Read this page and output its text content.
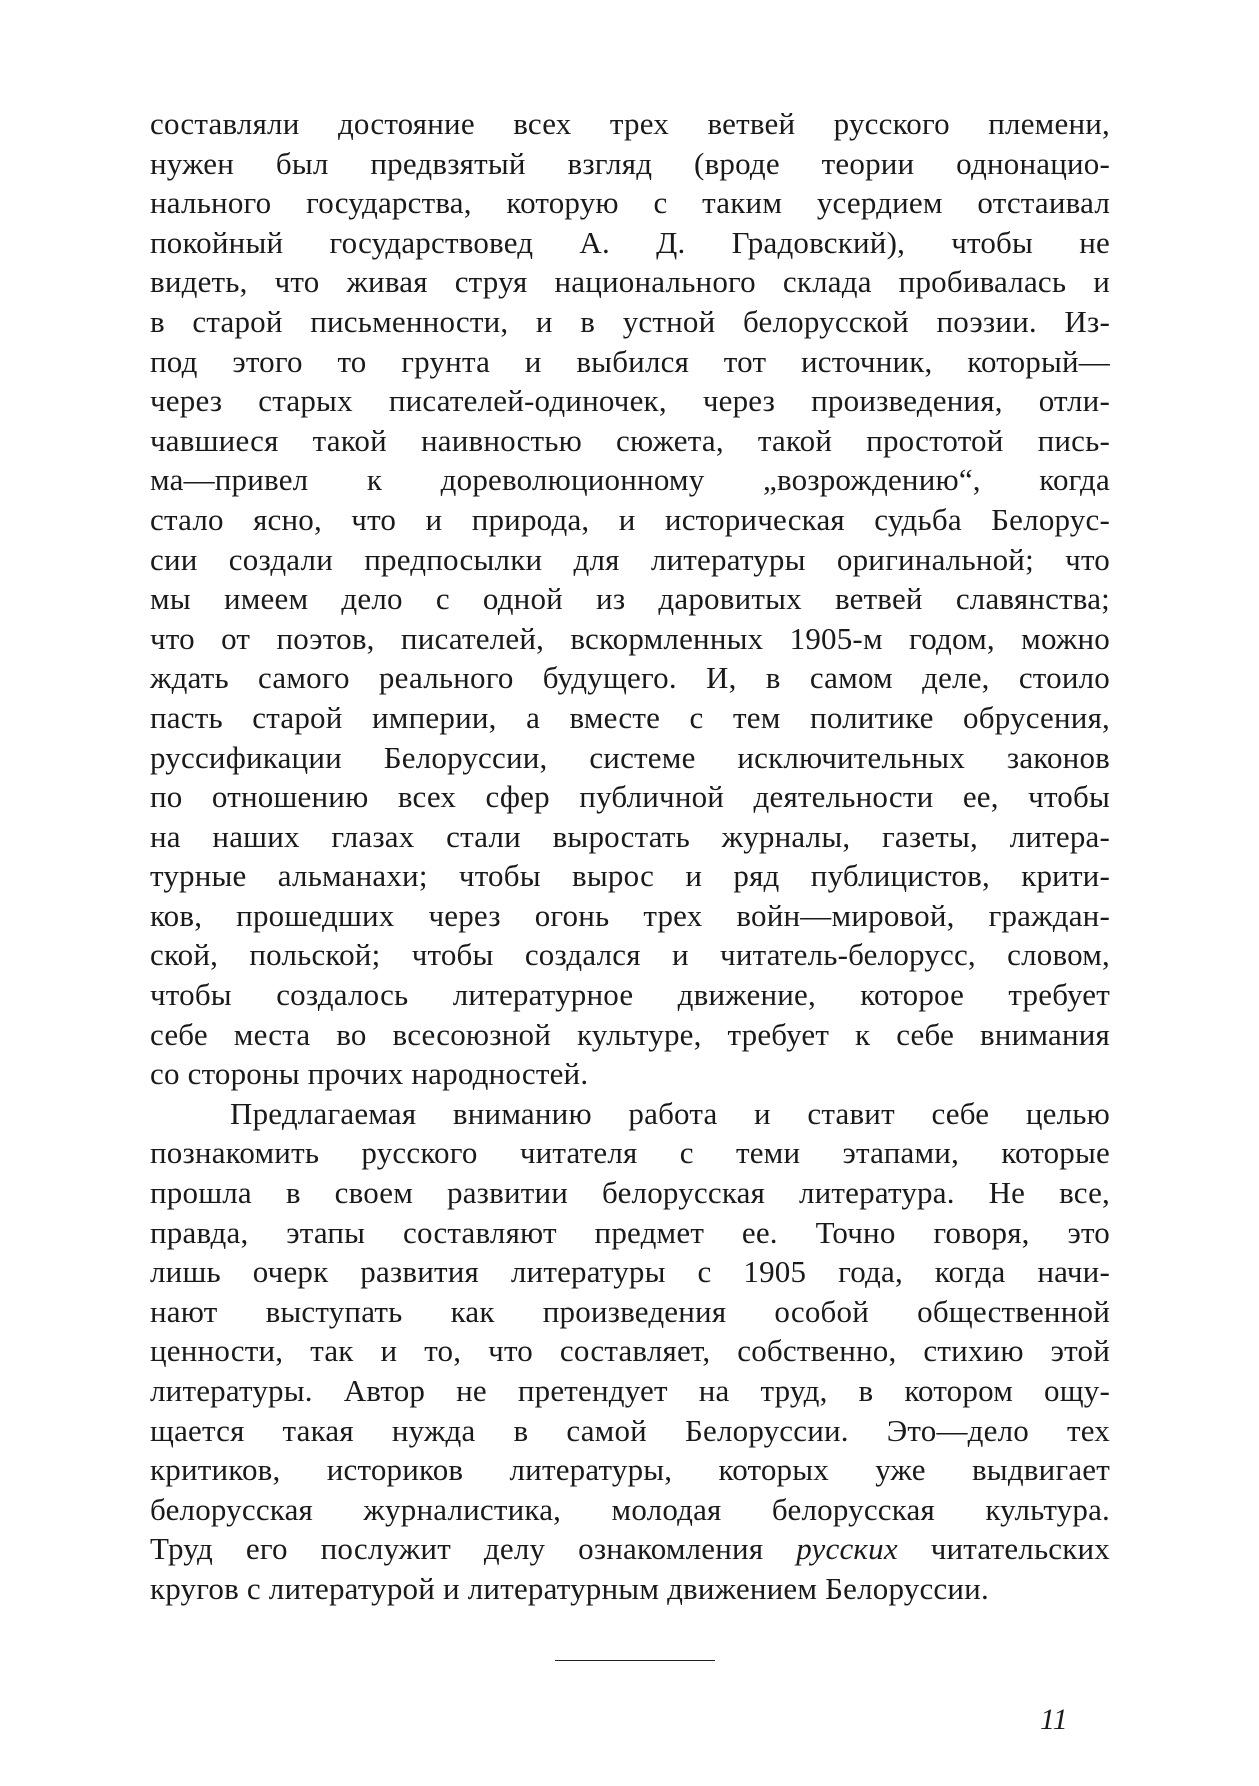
составляли достояние всех трех ветвей русского племени,
нужен был предвзятый взгляд (вроде теории однонацио-
нального государства, которую с таким усердием отстаивал
покойный государствовед А. Д. Градовский), чтобы не
видеть, что живая струя национального склада пробивалась и
в старой письменности, и в устной белорусской поэзии. Из-
под этого то грунта и выбился тот источник, который—
через старых писателей-одиночек, через произведения, отли-
чавшиеся такой наивностью сюжета, такой простотой пись-
ма—привел к дореволюционному „возрождению“, когда
стало ясно, что и природа, и историческая судьба Белорус-
сии создали предпосылки для литературы оригинальной; что
мы имеем дело с одной из даровитых ветвей славянства;
что от поэтов, писателей, вскормленных 1905-м годом, можно
ждать самого реального будущего. И, в самом деле, стоило
пасть старой империи, а вместе с тем политике обрусения,
руссификации Белоруссии, системе исключительных законов
по отношению всех сфер публичной деятельности ее, чтобы
на наших глазах стали выростать журналы, газеты, литера-
турные альманахи; чтобы вырос и ряд публицистов, крити-
ков, прошедших через огонь трех войн—мировой, граждан-
ской, польской; чтобы создался и читатель-белорусс, словом,
чтобы создалось литературное движение, которое требует
себе места во всесоюзной культуре, требует к себе внимания
со стороны прочих народностей.
Предлагаемая вниманию работа и ставит себе целью
познакомить русского читателя с теми этапами, которые
прошла в своем развитии белорусская литература. Не все,
правда, этапы составляют предмет ее. Точно говоря, это
лишь очерк развития литературы с 1905 года, когда начи-
нают выступать как произведения особой общественной
ценности, так и то, что составляет, собственно, стихию этой
литературы. Автор не претендует на труд, в котором ощу-
щается такая нужда в самой Белоруссии. Это—дело тех
критиков, историков литературы, которых уже выдвигает
белорусская журналистика, молодая белорусская культура.
Труд его послужит делу ознакомления русских читательских
кругов с литературой и литературным движением Белоруссии.
11
